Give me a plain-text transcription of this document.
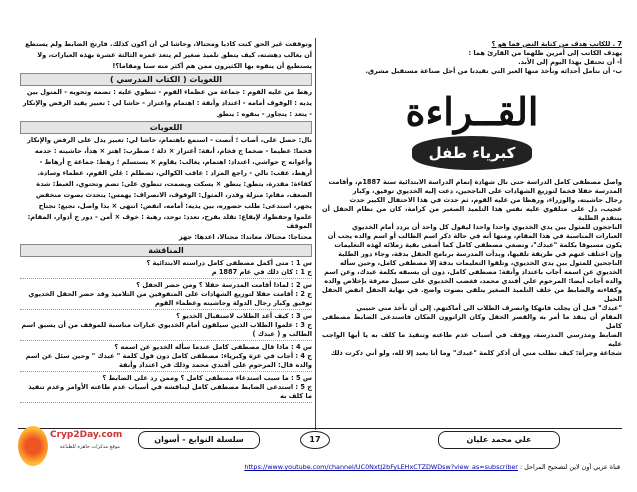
وتوقفت غير الحق كنت كاذبا ومحتالا، وحاشا لي أن أكون كذلك. فارتج الضابط ولم يستطع
أن يغالب دهشته، كيف يتطق تلميذ صغير لم يتعد عمره الثالثة عشرة بهذه العبارات، ولا
يستطيع أن ينفوه بها الكثيرون ممن هم أكثر منه سنا ومقاما؟!
اللغويات ( الكتاب المدرسي )
رهط من عليه القوم : جماعة من عظماء القوم - تنطوي عليه : تضمه وتحويه - المتول بين
يديه : الوقوف أمامه - اعتداد وأنفة : اهتمام واعتزاز - حاشا لي : تعبير يفيد الرفض والإنكار
- يتعد : يتجاوز - ينفوه : ينطق
اللغويات
نال: حصل على، أصاب ؛ أنصت - استمع باهتمام، حاشا لي: تعبير يدل على الرفض والإنكار
فخما: عظيما - ضخما ج فخام، أنفة: أعتزاز × ذلة ؛ ضطرب: اهتز × هدأ، حاشيته : خدمه
وأعوانه ج حواشي، اعتداد: اهتمام، يغالب: يقاوم × يستسلم ؛ رهط: جماعة ج أرهاط -
أرهط، عقب: تالي - راجع المراد : عاقب الكوالي، تضطلم : غلي القوم، عظماء وسادة.
كفاءة: مقدرة، يتطق: ينطق × يسكت ويصمت، تنطوي على: تضم وتحتوي، الغبط: شدة
الضعف، مقام: منزلة وقدر، المثول: الوقوف، الانصراف: يهمس: يتحدث بصوت منخفض
يجهر، استدعى: طلب حضوره، بين يديه: أمامه، انفض: انتهى × بدا واصل، تجيع: تجتاح
علموا وحفظوا، لإيقاع: تقلد بفرح، تعدد: توحد، رهبة : خوف × أمن - دور ج أدوار، المقام: الموقف
محتاجا: محتالا، معاندا: محتالا، اعدها: جهز
المناقشة
س 1 : متى أكمل مصطفى كامل دراسته الابتدائية ؟
ج 1 : كان ذلك في عام 1887 م
س 2 : لماذا أقامت المدرسة حفلا ؟ ومن حضر الحفل ؟
ج 2 : أقامت حفلا لتوزيع الشهادات على المتفوقين من التلاميذ وقد حضر الحفل الخديوي توفيق وكبار رجال الدولة وحاشيته وعظماء القوم
س 3 : كيف أعد الطلاب لاستقبال الخديو ؟
ج 3 : علموا الطلاب الذين سيلقون أمام الخديوي عبارات مناسبة للموقف من أن يسبق اسم الطالب و ( عبدك )
س 4 : ماذا قال مصطفى كامل عندما سأله الخديو عن اسمه ؟
ج 4 : أجاب في عزة وكبرياء: مصطفى كامل دون قول كلمة " عبدك " وحين سئل عن اسم والده قال: المرحوم على أفندي محمد وذلك في اعتداد وأنفة
س 5 : ما سبب استدعاء مصطفى كامل ؟ وممن رد على الضابط ؟
ج 5 : استدعى الضابط مصطفى كامل ليناقشه في أسباب عدم طاعته الأوامر وعدم تنفيذ ما كلف به
7 . للكاتب هدف من كتابة النص فما هو ؟
يهدف الكاتب إلى أمرين ظلهما من القارئ هما :
أ- أن تحتفل بهذا اليوم إلى الأبد.
ب- أن نتأمل أحداثه ونأخذ منها العبر التي تقيدنا من أجل صناعة مستقبل مشرق.
القــراءة
كبرياء طفل
واصل مصطفى كامل الدراسة حتى نال شهادة إتمام الدراسة الابتدائية سنة 1887م، وأقامت
المدرسة حفلا فخما لتوزيع الشهادات على الناجحين، دعت إليه الخديوي توفيق، وكبار
رجال حاشيته، والوزراء، ورهطا من عليه القوم، ثم حدث في هذا الاحتفال الكبير حدث
عجيب، دل على متلقوي عليه نفس هذا التلميذ الصغير من كرامة، كان من نظام الحفل أن ينتقدم الطلبة
الناجحون للمثول بين يدي الخديوي واحدا واحدا ليقول كل واحد أن يردد أمام الخديوي
العبارات المناسبة في هذا المقام، ومنها أنه في حالة ذكر اسم الطالب أو اسم والده يجب أن
يكون مسبوقا بكلمة "عبدك"، وتصغي مصطفى كامل كما أصغى بقية زملائه لهذه التعليمات
وإن اختلف عنهم في طريقة تلقيها، وبدأت المدرسة برنامج الحفل بدقة، وجاء دور الطلبة
الناجحين للمثول بين يدي الخديوي، وتلقوا التعليمات بدقة إلا مصطفى كامل، وحين سأله
الخديوي عن اسمه أجاب باعتداد وأنفة: مصطفى كامل، دون أن يسبقه بكلمة عبدك، وعن اسم
والده أجاب أيضا: المرحوم علي أفندي محمد، فغضب الخديوي على سبيل معرفة بإخلاص والده
وكفاءته والضابط من خلف التلميذ الصغير يتلقى بصوت واضح. في نهاية الحفل انفض الحفل الحيل
"عبدك" قبل أن يجلب فانهكا وانصرف الطلاب الى أماكنهم. إلى أن تأخذ مني حبيبي
المقام أن ينقذ ما أمر به والقصر الحفل وكان الزانوون المكان فاستدعى الضابط مصطفى كامل
الضابط ومدرسي المدرسة، ووقف في أسباب عدم طاعته وتنفيذ ما كلف به يا أيها الواجب عليه
شجاعة وجرأة: كيف تطلب مني أن أذكر كلمة "عبدك" وما أنا بعبد إلا لله، ولو أني ذكرت ذلك
سلسلة النوابغ - أسوان	17	علي محمد عليان
Cryp2Day.com
موقع مذكرات جاهزة للطباعة
قناة عربي أون لاين لتصحيح المراحل : https://www.youtube.com/channel/UC0NxtJ2bFyLEHxCTZDWDsw?view_as=subscriber
